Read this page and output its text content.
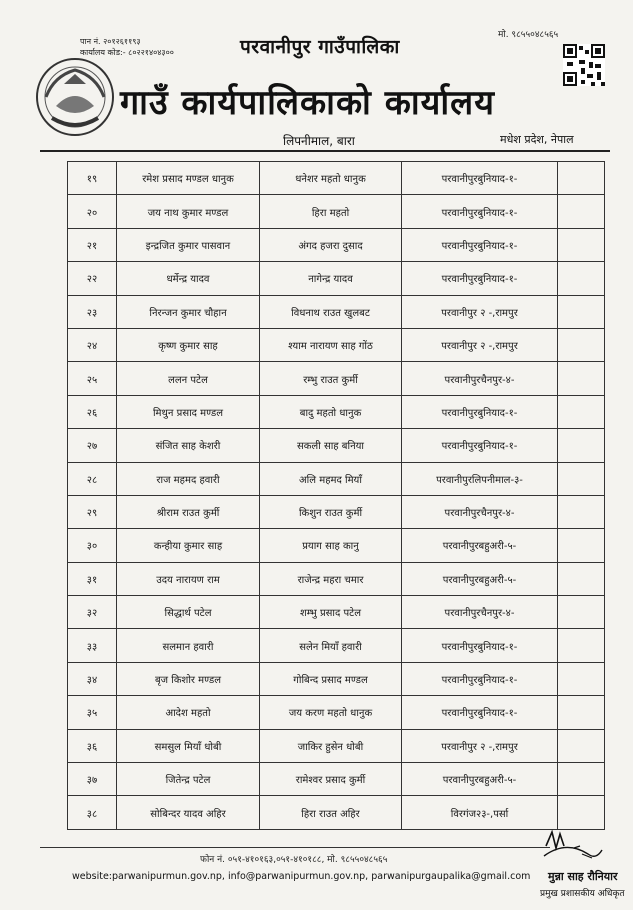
पान नं. २०१२६११९३
कार्यालय कोड:- ८०२२१४०४३००	परवानीपुर गाउँपालिका
गाउँ कार्यपालिकाको कार्यालय
लिपनीमाल, बारा
मो. ९८५५०४८५६५
मधेश प्रदेश, नेपाल
१९	रमेश प्रसाद मण्डल धानुक	धनेशर महतो धानुक	परवानीपुरबुनियाद-१-	
२०	जय नाथ कुमार मण्डल	हिरा महतो	परवानीपुरबुनियाद-१-	
२१	इन्द्रजित कुमार पासवान	अंगद हजरा दुसाद	परवानीपुरबुनियाद-१-	
२२	धर्मेन्द्र यादव	नागेन्द्र यादव	परवानीपुरबुनियाद-१-	
२३	निरन्जन कुमार चौहान	विधनाथ राउत खुलबट	परवानीपुर २ -,रामपुर	
२४	कृष्ण कुमार साह	श्याम नारायण साह गोंठ	परवानीपुर २ -,रामपुर	
२५	ललन पटेल	रम्भु राउत कुर्मी	परवानीपुरचैनपुर-४-	
२६	मिथुन प्रसाद मण्डल	बादु महतो धानुक	परवानीपुरबुनियाद-१-	
२७	संजित साह केशरी	सकली साह बनिया	परवानीपुरबुनियाद-१-	
२८	राज महमद हवारी	अलि महमद मियाँ	परवानीपुरलिपनीमाल-३-	
२९	श्रीराम राउत कुर्मी	किशुन राउत कुर्मी	परवानीपुरचैनपुर-४-	
३०	कन्हीया कुमार साह	प्रयाग साह कानु	परवानीपुरबहुअरी-५-	
३१	उदय नारायण राम	राजेन्द्र महरा चमार	परवानीपुरबहुअरी-५-	
३२	सिद्धार्थ पटेल	शम्भु प्रसाद पटेल	परवानीपुरचैनपुर-४-	
३३	सलमान हवारी	सलेन मियाँ हवारी	परवानीपुरबुनियाद-१-	
३४	बृज किशोर मण्डल	गोबिन्द प्रसाद मण्डल	परवानीपुरबुनियाद-१-	
३५	आदेश महतो	जय करण महतो धानुक	परवानीपुरबुनियाद-१-	
३६	समसुल मियाँ धोबी	जाकिर हुसेन धोबी	परवानीपुर २ -,रामपुर	
३७	जितेन्द्र पटेल	रामेश्वर प्रसाद कुर्मी	परवानीपुरबहुअरी-५-	
३८	सोबिन्दर यादव अहिर	हिरा राउत अहिर	विरगंज२३-,पर्सा	
फोन नं. ०५१-४१०१६३,०५१-४१०१८८, मो. ९८५५०४८५६५
website:parwanipurmun.gov.np, info@parwanipurmun.gov.np, parwanipurgaupalika@gmail.com मुन्ना साह रौनियार
प्रमुख प्रशासकीय अधिकृत
